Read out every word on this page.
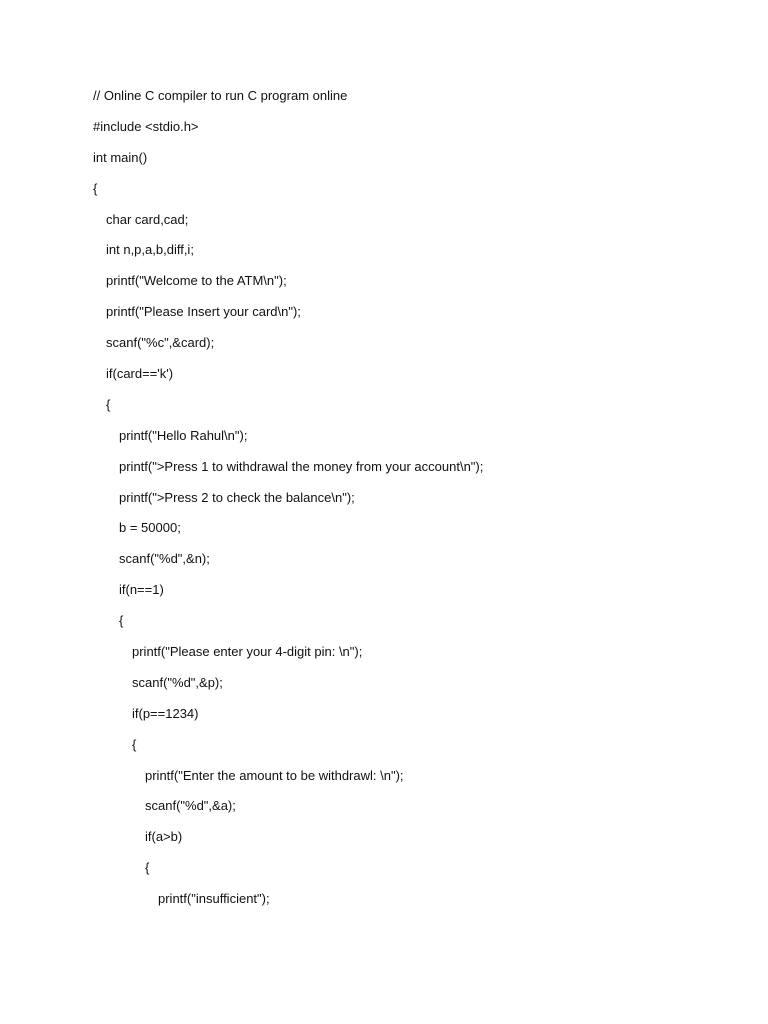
// Online C compiler to run C program online
#include <stdio.h>
int main()
{
char card,cad;
int n,p,a,b,diff,i;
printf("Welcome to the ATM\n");
printf("Please Insert your card\n");
scanf("%c",&card);
if(card=='k')
{
printf("Hello Rahul\n");
printf(">Press 1 to withdrawal the money from your account\n");
printf(">Press 2 to check the balance\n");
b = 50000;
scanf("%d",&n);
if(n==1)
{
printf("Please enter your 4-digit pin: \n");
scanf("%d",&p);
if(p==1234)
{
printf("Enter the amount to be withdrawl: \n");
scanf("%d",&a);
if(a>b)
{
printf("insufficient");
